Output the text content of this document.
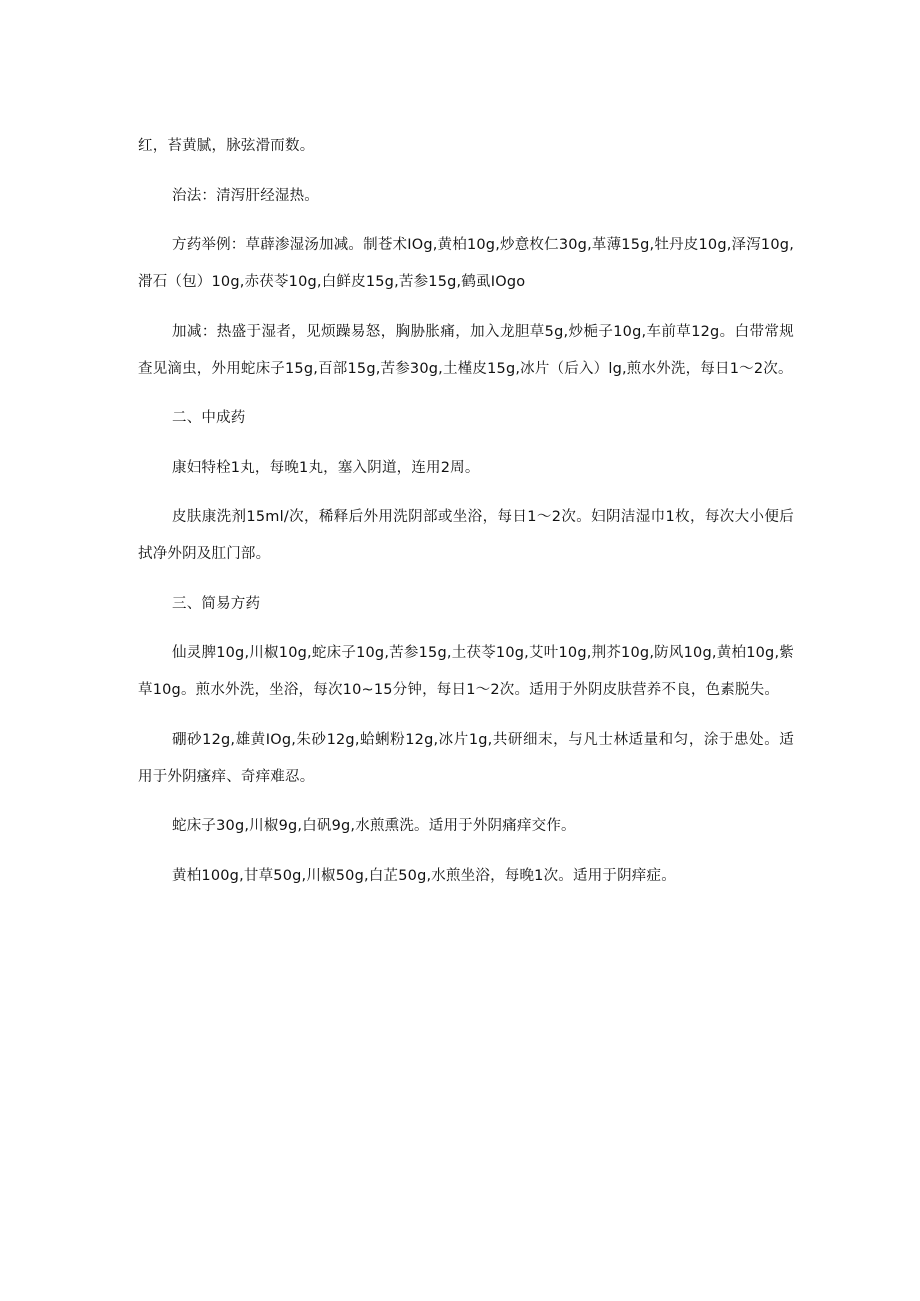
红，苔黄腻，脉弦滑而数。

治法：清泻肝经湿热。

方药举例：草薜渗湿汤加减。制苍术IOg,黄柏10g,炒意枚仁30g,革薄15g,牡丹皮10g,泽泻10g,滑石（包）10g,赤茯苓10g,白鲜皮15g,苦参15g,鹤虱IOgo

加减：热盛于湿者，见烦躁易怒，胸胁胀痛，加入龙胆草5g,炒梔子10g,车前草12g。白带常规查见滴虫，外用蛇床子15g,百部15g,苦参30g,土槿皮15g,冰片（后入）lg,煎水外洗，每日1～2次。

二、中成药

康妇特栓1丸，每晚1丸，塞入阴道，连用2周。

皮肤康洗剂15ml/次，稀释后外用洗阴部或坐浴，每日1～2次。妇阴洁湿巾1枚，每次大小便后拭净外阴及肛门部。

三、简易方药

仙灵脾10g,川椒10g,蛇床子10g,苦参15g,土茯苓10g,艾叶10g,荆芥10g,防风10g,黄柏10g,紫草10g。煎水外洗，坐浴，每次10~15分钟，每日1～2次。适用于外阴皮肤营养不良，色素脱失。

硼砂12g,雄黄IOg,朱砂12g,蛤蜊粉12g,冰片1g,共研细末，与凡士林适量和匀，涂于患处。适用于外阴瘙痒、奇痒难忍。

蛇床子30g,川椒9g,白矾9g,水煎熏洗。适用于外阴痛痒交作。

黄柏100g,甘草50g,川椒50g,白芷50g,水煎坐浴，每晚1次。适用于阴痒症。
